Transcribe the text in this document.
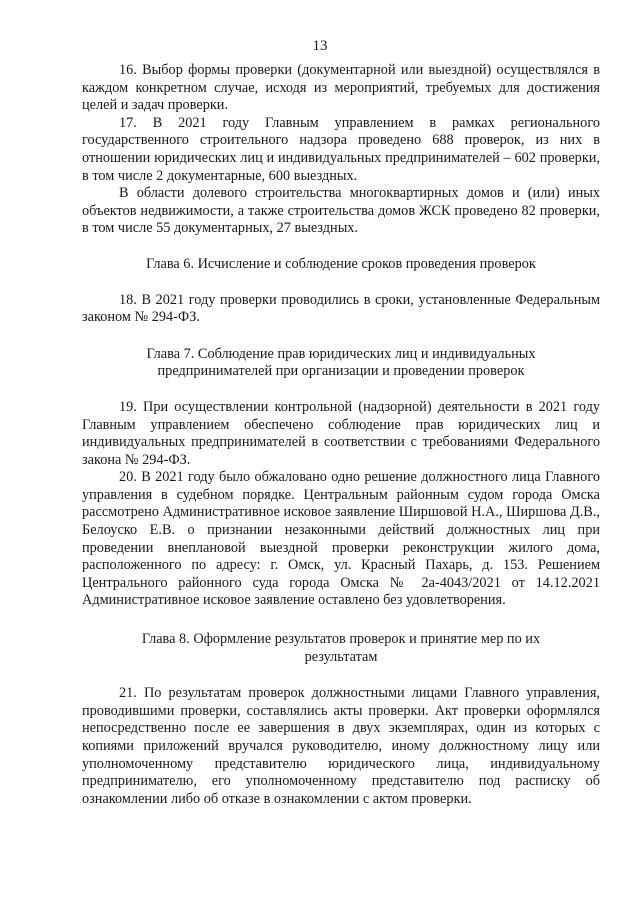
13

16. Выбор формы проверки (документарной или выездной) осуществлялся в каждом конкретном случае, исходя из мероприятий, требуемых для достижения целей и задач проверки.

17. В 2021 году Главным управлением в рамках регионального государственного строительного надзора проведено 688 проверок, из них в отношении юридических лиц и индивидуальных предпринимателей – 602 проверки, в том числе 2 документарные, 600 выездных.

В области долевого строительства многоквартирных домов и (или) иных объектов недвижимости, а также строительства домов ЖСК проведено 82 проверки, в том числе 55 документарных, 27 выездных.

Глава 6. Исчисление и соблюдение сроков проведения проверок

18. В 2021 году проверки проводились в сроки, установленные Федеральным законом № 294-ФЗ.

Глава 7. Соблюдение прав юридических лиц и индивидуальных

предпринимателей при организации и проведении проверок

19. При осуществлении контрольной (надзорной) деятельности в 2021 году Главным управлением обеспечено соблюдение прав юридических лиц и индивидуальных предпринимателей в соответствии с требованиями Федерального закона № 294-ФЗ.

20. В 2021 году было обжаловано одно решение должностного лица Главного управления в судебном порядке. Центральным районным судом города Омска рассмотрено Административное исковое заявление Ширшовой Н.А., Ширшова Д.В., Белоуско Е.В. о признании незаконными действий должностных лиц при проведении внеплановой выездной проверки реконструкции жилого дома, расположенного по адресу: г. Омск, ул. Красный Пахарь, д. 153. Решением Центрального районного суда города Омска № 2а-4043/2021 от 14.12.2021 Административное исковое заявление оставлено без удовлетворения.

Глава 8. Оформление результатов проверок и принятие мер по их

результатам

21. По результатам проверок должностными лицами Главного управления, проводившими проверки, составлялись акты проверки. Акт проверки оформлялся непосредственно после ее завершения в двух экземплярах, один из которых с копиями приложений вручался руководителю, иному должностному лицу или уполномоченному представителю юридического лица, индивидуальному предпринимателю, его уполномоченному представителю под расписку об ознакомлении либо об отказе в ознакомлении с актом проверки.
